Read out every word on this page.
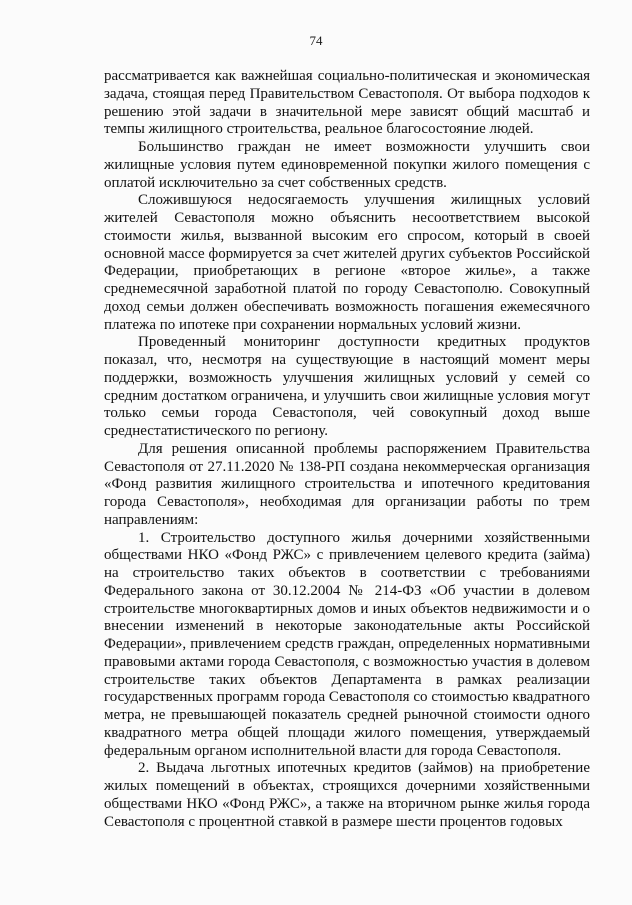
74

рассматривается как важнейшая социально-политическая и экономическая задача, стоящая перед Правительством Севастополя. От выбора подходов к решению этой задачи в значительной мере зависят общий масштаб и темпы жилищного строительства, реальное благосостояние людей.

Большинство граждан не имеет возможности улучшить свои жилищные условия путем единовременной покупки жилого помещения с оплатой исключительно за счет собственных средств.

Сложившуюся недосягаемость улучшения жилищных условий жителей Севастополя можно объяснить несоответствием высокой стоимости жилья, вызванной высоким его спросом, который в своей основной массе формируется за счет жителей других субъектов Российской Федерации, приобретающих в регионе «второе жилье», а также среднемесячной заработной платой по городу Севастополю. Совокупный доход семьи должен обеспечивать возможность погашения ежемесячного платежа по ипотеке при сохранении нормальных условий жизни.

Проведенный мониторинг доступности кредитных продуктов показал, что, несмотря на существующие в настоящий момент меры поддержки, возможность улучшения жилищных условий у семей со средним достатком ограничена, и улучшить свои жилищные условия могут только семьи города Севастополя, чей совокупный доход выше среднестатистического по региону.

Для решения описанной проблемы распоряжением Правительства Севастополя от 27.11.2020 № 138-РП создана некоммерческая организация «Фонд развития жилищного строительства и ипотечного кредитования города Севастополя», необходимая для организации работы по трем направлениям:

1. Строительство доступного жилья дочерними хозяйственными обществами НКО «Фонд РЖС» с привлечением целевого кредита (займа) на строительство таких объектов в соответствии с требованиями Федерального закона от 30.12.2004 № 214-ФЗ «Об участии в долевом строительстве многоквартирных домов и иных объектов недвижимости и о внесении изменений в некоторые законодательные акты Российской Федерации», привлечением средств граждан, определенных нормативными правовыми актами города Севастополя, с возможностью участия в долевом строительстве таких объектов Департамента в рамках реализации государственных программ города Севастополя со стоимостью квадратного метра, не превышающей показатель средней рыночной стоимости одного квадратного метра общей площади жилого помещения, утверждаемый федеральным органом исполнительной власти для города Севастополя.

2. Выдача льготных ипотечных кредитов (займов) на приобретение жилых помещений в объектах, строящихся дочерними хозяйственными обществами НКО «Фонд РЖС», а также на вторичном рынке жилья города Севастополя с процентной ставкой в размере шести процентов годовых
